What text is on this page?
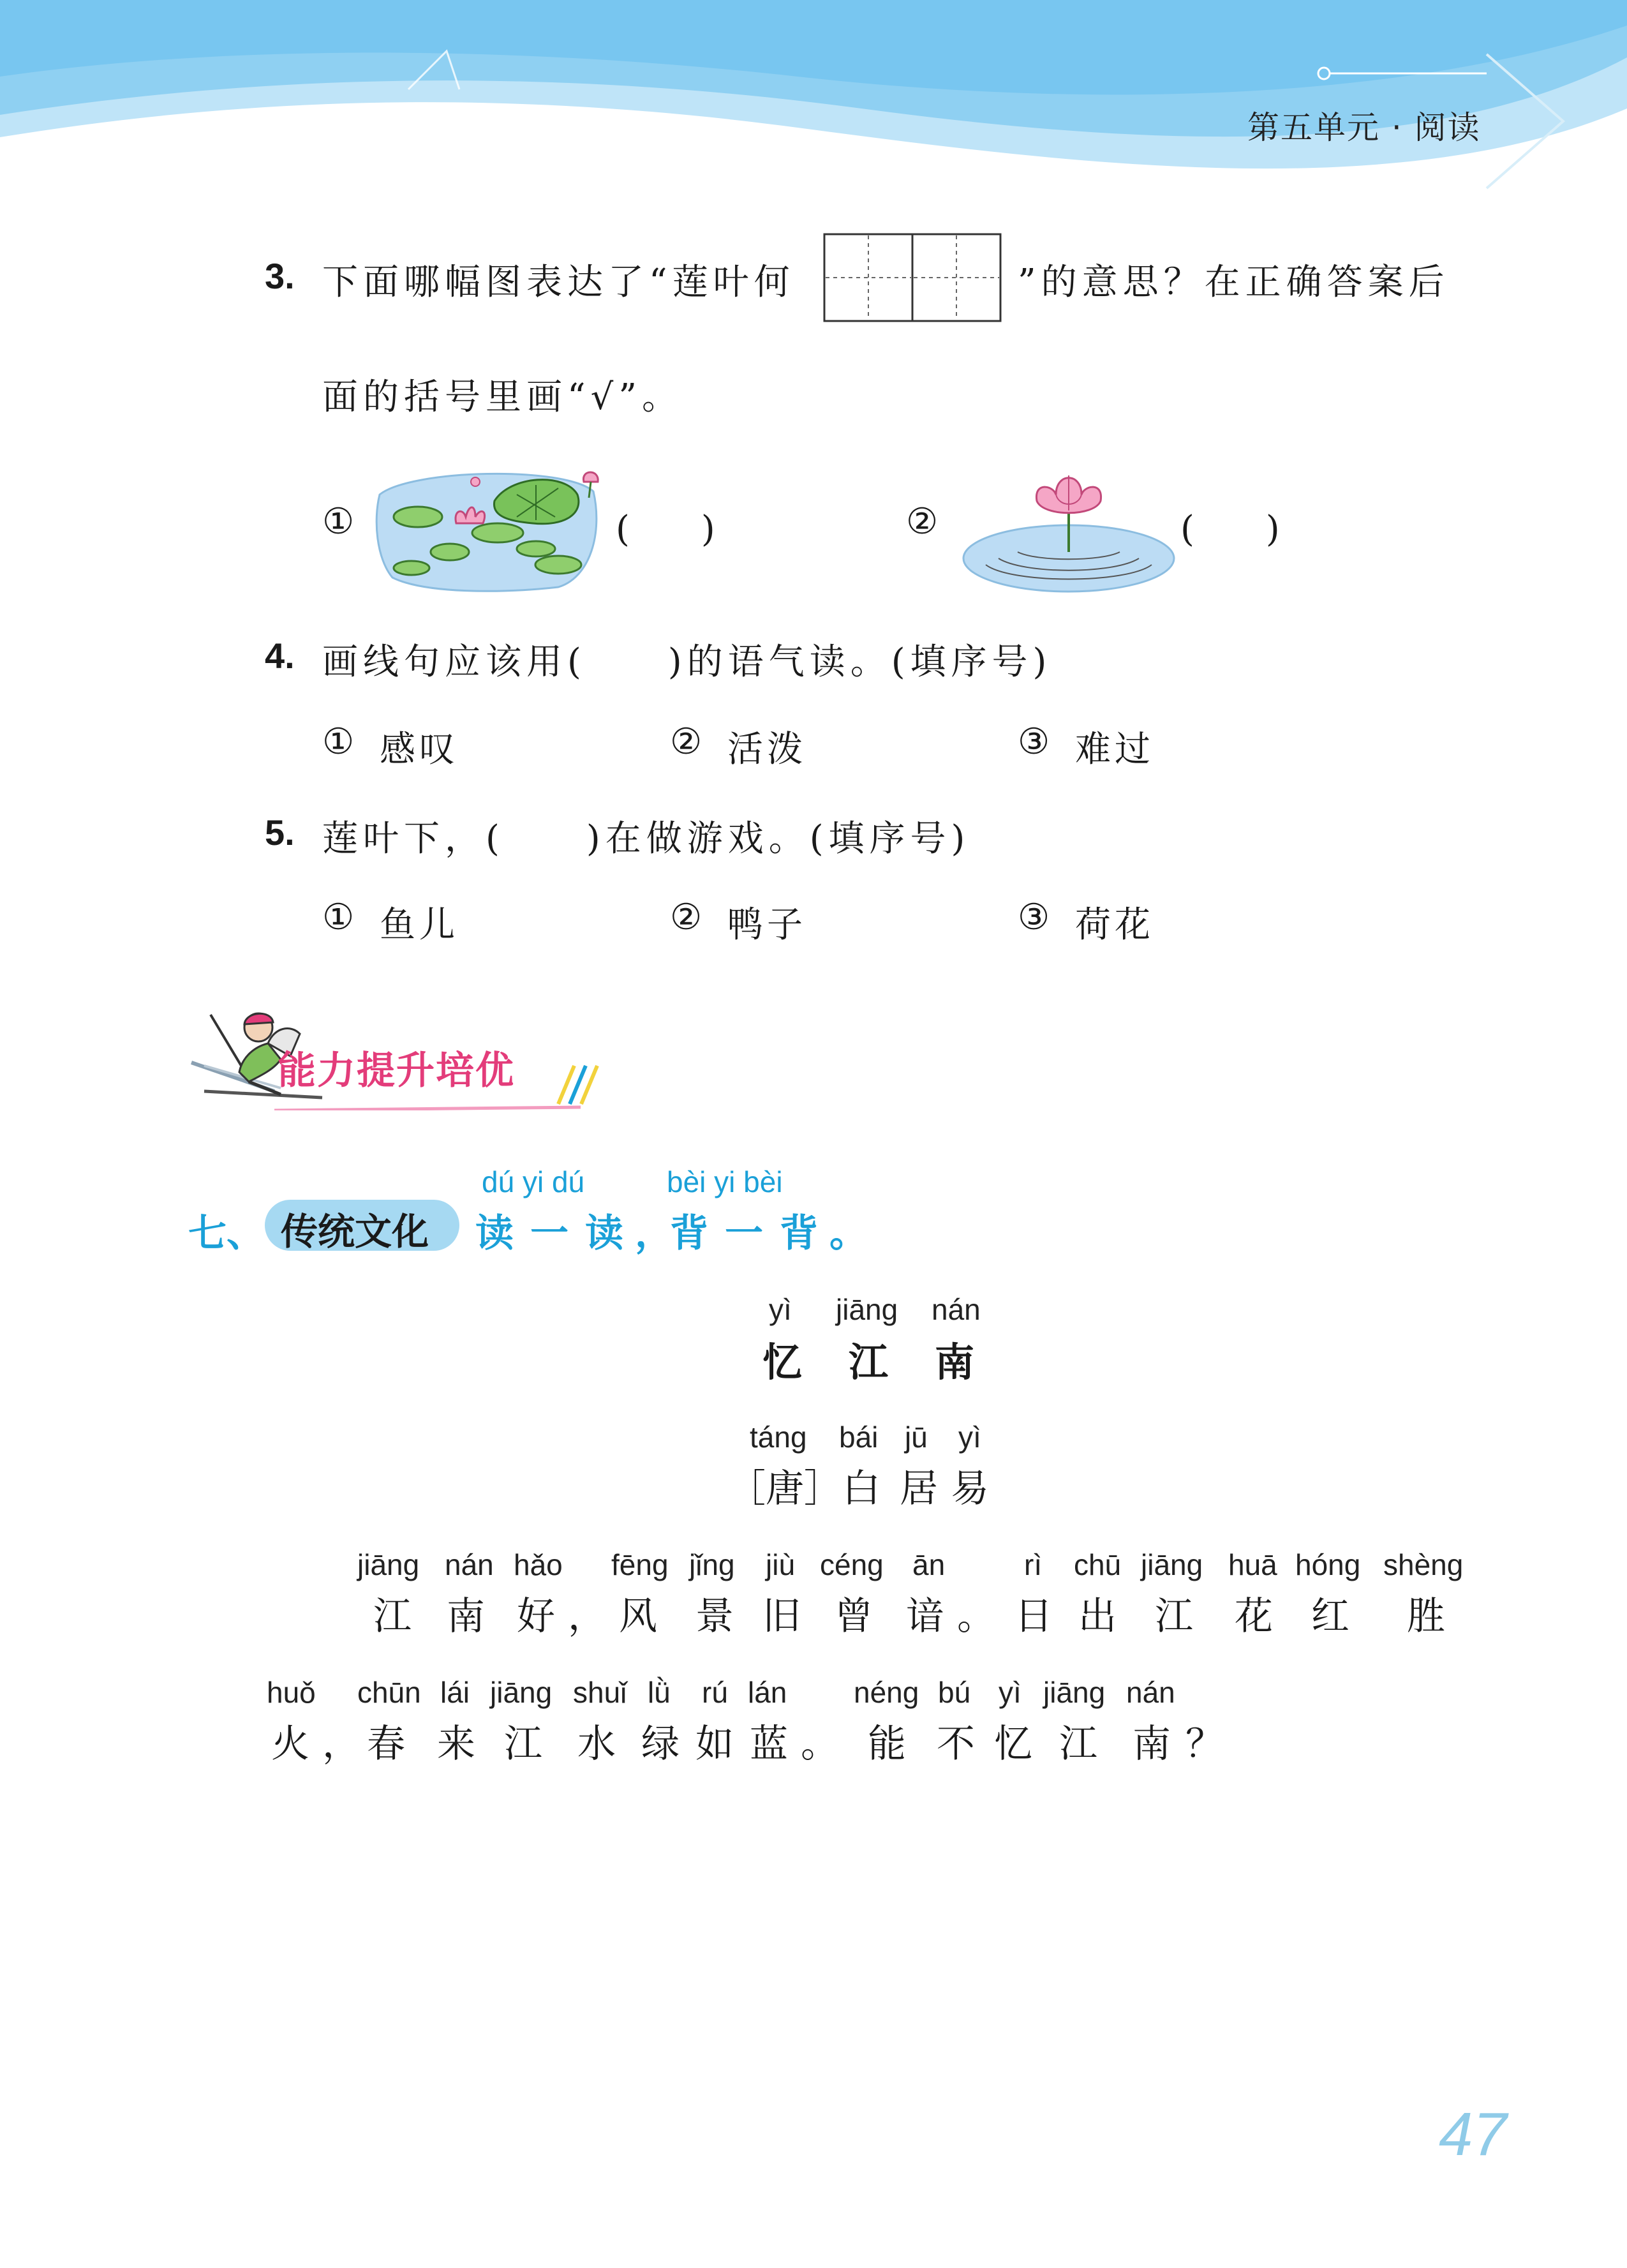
第五单元 · 阅读
3. 下面哪幅图表达了“莲叶何	”的意思？在正确答案后
面的括号里画“√”。
①	(　　)	②	(　　)
4. 画线句应该用(　　)的语气读。(填序号)
① 感叹	② 活泼	③ 难过
5. 莲叶下，(　　)在做游戏。(填序号)
① 鱼儿	② 鸭子	③ 荷花
能力提升培优
七、 传统文化
dú yi dú	bèi yi bèi
读一读
，
背一背
。
yì jiāng nán
忆 江 南
táng bái jū yì
［唐］ 白 居 易
jiāng nán hǎo fēng jǐng jiù céng ān	rì chū jiāng huā hóng shèng
江 南 好 ， 风 景 旧 曾 谙 。 日 出 江 花 红 胜
huǒ chūn lái jiāng shuǐ lǜ rú lán néng bú yì jiāng nán
火 ， 春 来 江 水 绿 如 蓝 。 能 不 忆 江 南 ？
47
